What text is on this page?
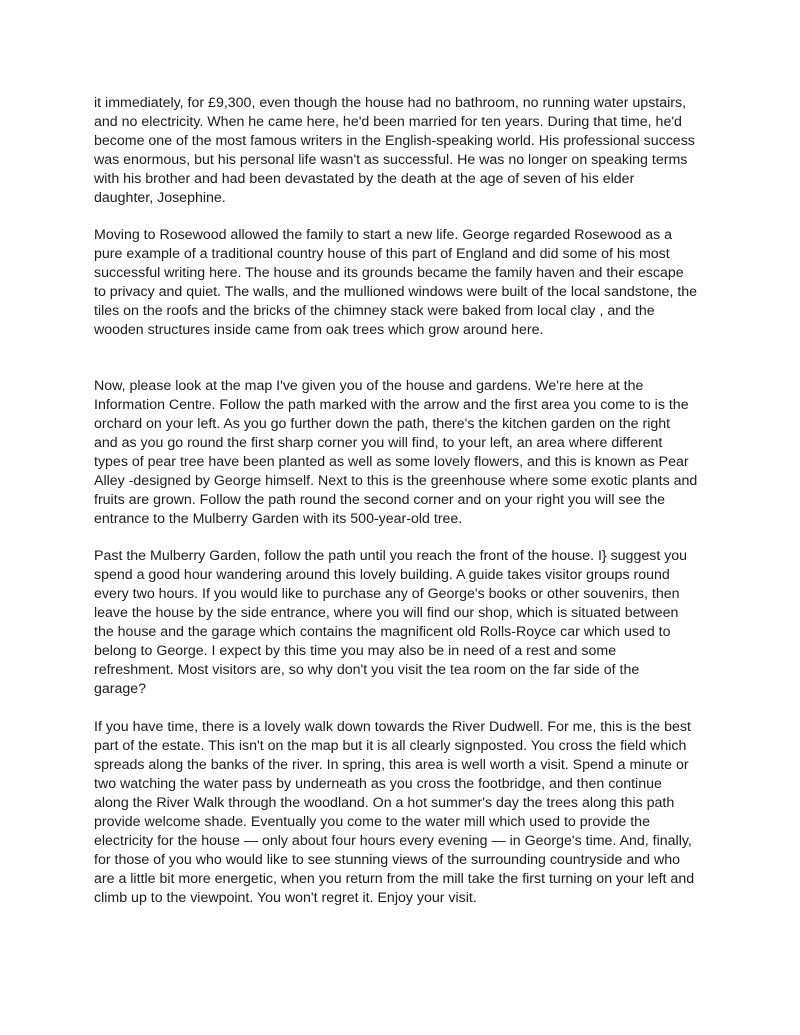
it immediately, for £9,300, even though the house had no bathroom, no running water upstairs,
and no electricity. When he came here, he'd been married for ten years. During that time, he'd
become one of the most famous writers in the English-speaking world. His professional success
was enormous, but his personal life wasn't as successful. He was no longer on speaking terms
with his brother and had been devastated by the death at the age of seven of his elder
daughter, Josephine.

Moving to Rosewood allowed the family to start a new life. George regarded Rosewood as a
pure example of a traditional country house of this part of England and did some of his most
successful writing here. The house and its grounds became the family haven and their escape
to privacy and quiet. The walls, and the mullioned windows were built of the local sandstone, the
tiles on the roofs and the bricks of the chimney stack were baked from local clay , and the
wooden structures inside came from oak trees which grow around here.

Now, please look at the map I've given you of the house and gardens. We're here at the
Information Centre. Follow the path marked with the arrow and the first area you come to is the
orchard on your left. As you go further down the path, there's the kitchen garden on the right
and as you go round the first sharp corner you will find, to your left, an area where different
types of pear tree have been planted as well as some lovely flowers, and this is known as Pear
Alley -designed by George himself. Next to this is the greenhouse where some exotic plants and
fruits are grown. Follow the path round the second corner and on your right you will see the
entrance to the Mulberry Garden with its 500-year-old tree.

Past the Mulberry Garden, follow the path until you reach the front of the house. I} suggest you
spend a good hour wandering around this lovely building. A guide takes visitor groups round
every two hours. If you would like to purchase any of George's books or other souvenirs, then
leave the house by the side entrance, where you will find our shop, which is situated between
the house and the garage which contains the magnificent old Rolls-Royce car which used to
belong to George. I expect by this time you may also be in need of a rest and some
refreshment. Most visitors are, so why don't you visit the tea room on the far side of the
garage?

If you have time, there is a lovely walk down towards the River Dudwell. For me, this is the best
part of the estate. This isn't on the map but it is all clearly signposted. You cross the field which
spreads along the banks of the river. In spring, this area is well worth a visit. Spend a minute or
two watching the water pass by underneath as you cross the footbridge, and then continue
along the River Walk through the woodland. On a hot summer's day the trees along this path
provide welcome shade. Eventually you come to the water mill which used to provide the
electricity for the house — only about four hours every evening — in George's time. And, finally,
for those of you who would like to see stunning views of the surrounding countryside and who
are a little bit more energetic, when you return from the mill take the first turning on your left and
climb up to the viewpoint. You won't regret it. Enjoy your visit.
